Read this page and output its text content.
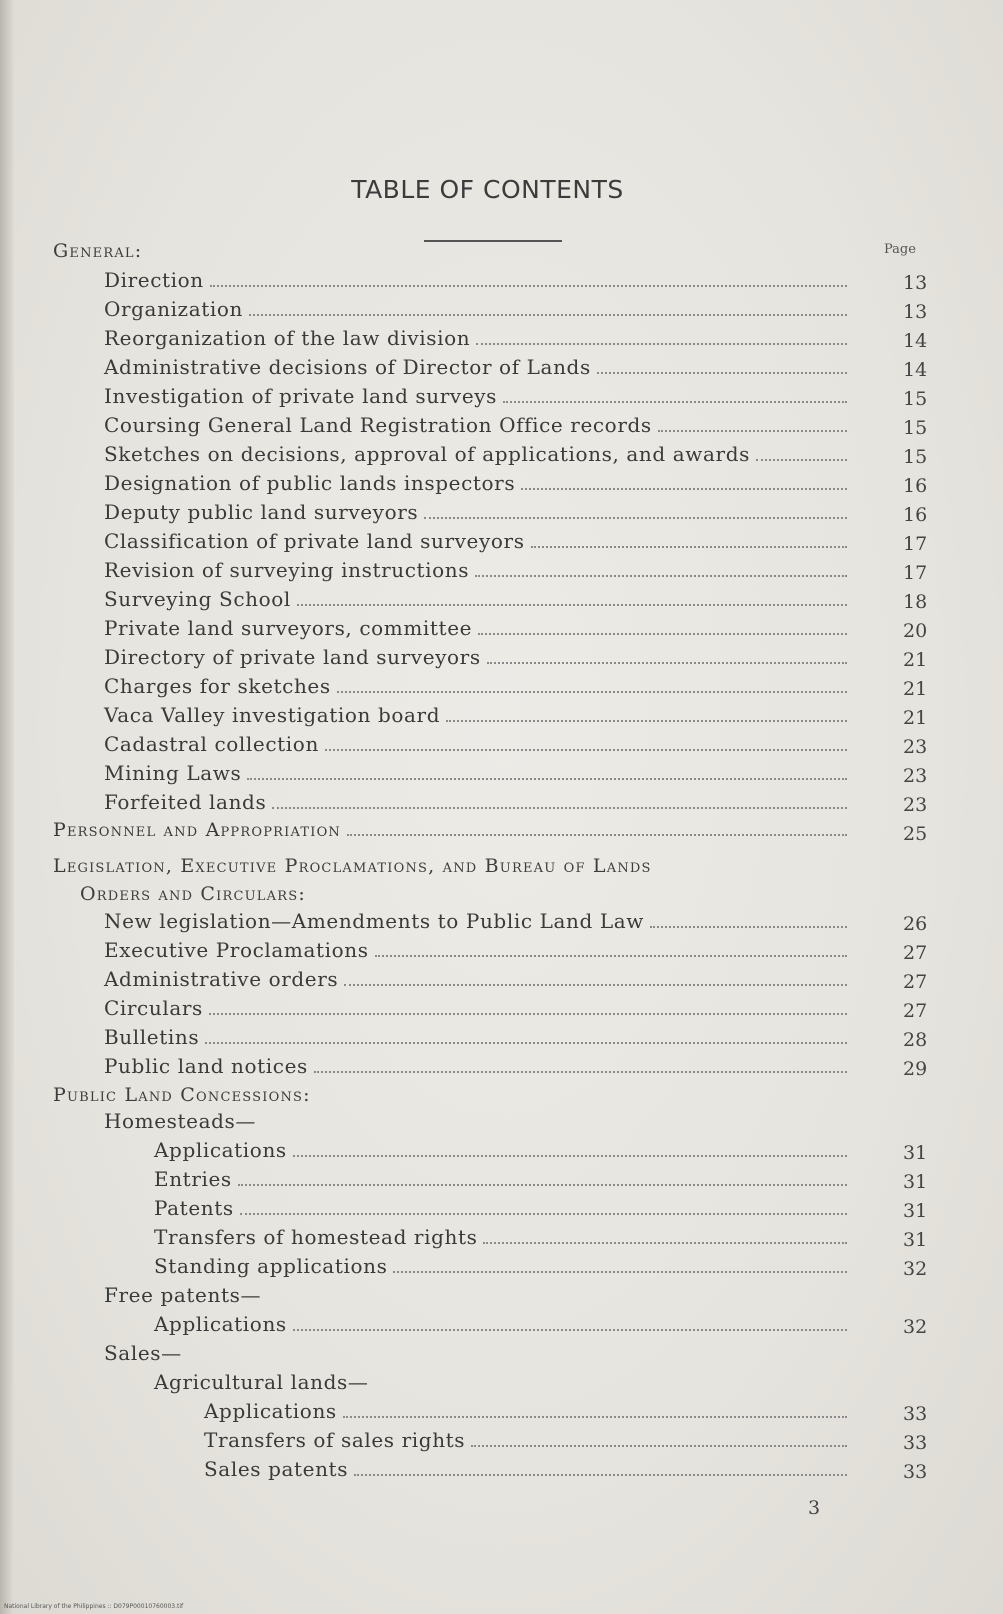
TABLE OF CONTENTS
General:	Page
Direction	13
Organization	13
Reorganization of the law division	14
Administrative decisions of Director of Lands	14
Investigation of private land surveys	15
Coursing General Land Registration Office records	15
Sketches on decisions, approval of applications, and awards	15
Designation of public lands inspectors	16
Deputy public land surveyors	16
Classification of private land surveyors	17
Revision of surveying instructions	17
Surveying School	18
Private land surveyors, committee	20
Directory of private land surveyors	21
Charges for sketches	21
Vaca Valley investigation board	21
Cadastral collection	23
Mining Laws	23
Forfeited lands	23
Personnel and Appropriation	25
Legislation, Executive Proclamations, and Bureau of Lands
Orders and Circulars:
New legislation—Amendments to Public Land Law	26
Executive Proclamations	27
Administrative orders	27
Circulars	27
Bulletins	28
Public land notices	29
Public Land Concessions:
Homesteads—
Applications	31
Entries	31
Patents	31
Transfers of homestead rights	31
Standing applications	32
Free patents—
Applications	32
Sales—
Agricultural lands—
Applications	33
Transfers of sales rights	33
Sales patents	33
3
National Library of the Philippines :: D079P00010760003.tif
